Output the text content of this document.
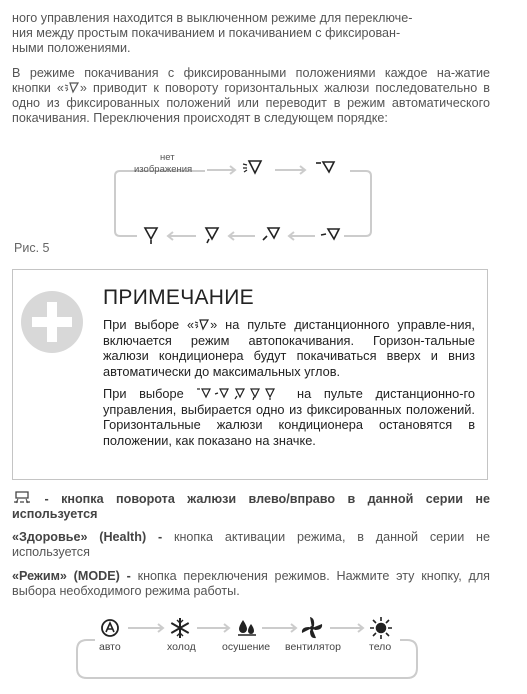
ного управления находится в выключенном режиме для переключе-
ния между простым покачиванием и покачиванием с фиксирован-
ными положениями.

В режиме покачивания с фиксированными положениями каждое на-жатие кнопки « » приводит к повороту горизонтальных жалюзи последовательно в одно из фиксированных положений или переводит в режим автоматического покачивания. Переключения происходят в следующем порядке:

нет
изображения
Рис. 5
ПРИМЕЧАНИЕ

При выборе « » на пульте дистанционного управле-ния, включается режим автопокачивания. Горизон-тальные жалюзи кондиционера будут покачиваться вверх и вниз автоматически до максимальных углов.

При выборе	на пульте дистанционно-го управления, выбирается одно из фиксированных положений. Горизонтальные жалюзи кондиционера остановятся в положении, как показано на значке.

- кнопка поворота жалюзи влево/вправо в данной серии не используется

«Здоровье» (Health) - кнопка активации режима, в данной серии не используется

«Режим» (MODE) - кнопка переключения режимов. Нажмите эту кнопку, для выбора необходимого режима работы.

авто	холод	осушение вентилятор	тело
